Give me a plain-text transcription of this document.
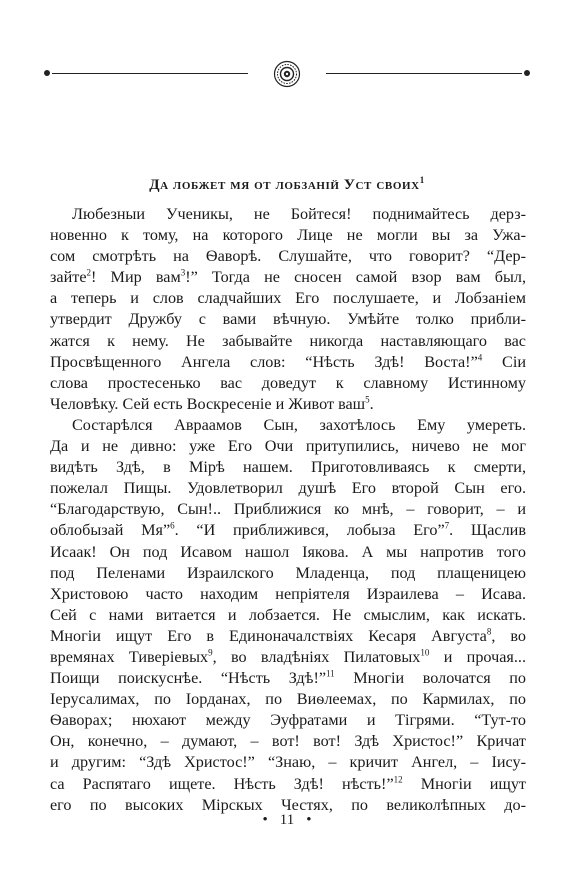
Да лобжет мя от лобзаній Уст своих$^1$
Любезныи Ученикы, не Бойтеся! поднимайтесь дерз-
новенно к тому, на которого Лице не могли вы за Ужа-
сом смотрѣть на Ѳаворѣ. Слушайте, что говорит? “Дер-
зайте$^2$! Мир вам$^3$!” Тогда не сносен самой взор вам был,
а теперь и слов сладчайших Его послушаете, и Лобзаніем
утвердит Дружбу с вами вѣчную. Умѣйте толко прибли-
жатся к нему. Не забывайте никогда наставляющаго вас
Просвѣщенного Ангела слов: “Нѣсть Здѣ! Воста!”$^4$ Сіи
слова простесенько вас доведут к славному Истинному
Человѣку. Сей есть Воскресеніе и Живот ваш$^5$.
Состарѣлся Авраамов Сын, захотѣлось Ему умереть.
Да и не дивно: уже Его Очи притупились, ничево не мог
видѣть Здѣ, в Мірѣ нашем. Приготовливаясь к смерти,
пожелал Пищы. Удовлетворил душѣ Его второй Сын его.
“Благодарствую, Сын!.. Приближися ко мнѣ, – говорит, – и
облобызай Мя”$^6$. “И приближився, лобыза Его”$^7$. Щаслив
Исаак! Он под Исавом нашол Іякова. А мы напротив того
под Пеленами Израилского Младенца, под плащеницею
Христовою часто находим непріятеля Израилева – Исава.
Сей с нами витается и лобзается. Не смыслим, как искать.
Многіи ищут Его в Единоначалствіях Кесаря Августа$^8$, во
времянах Тиверіевых$^9$, во владѣніях Пилатовых$^{10}$ и прочая...
Поищи поискуснѣе. “Нѣсть Здѣ!”$^{11}$ Многіи волочатся по
Іерусалимах, по Іорданах, по Виѳлеемах, по Кармилах, по
Ѳаворах; нюхают между Эуфратами и Тігрями. “Тут-то
Он, конечно, – думают, – вот! вот! Здѣ Христос!” Кричат
и другим: “Здѣ Христос!” “Знаю, – кричит Ангел, – Іису-
са Распятаго ищете. Нѣсть Здѣ! нѣсть!”$^{12}$ Многіи ищут
его по высоких Мірскых Честях, по великолѣпных до-
• 11 •
